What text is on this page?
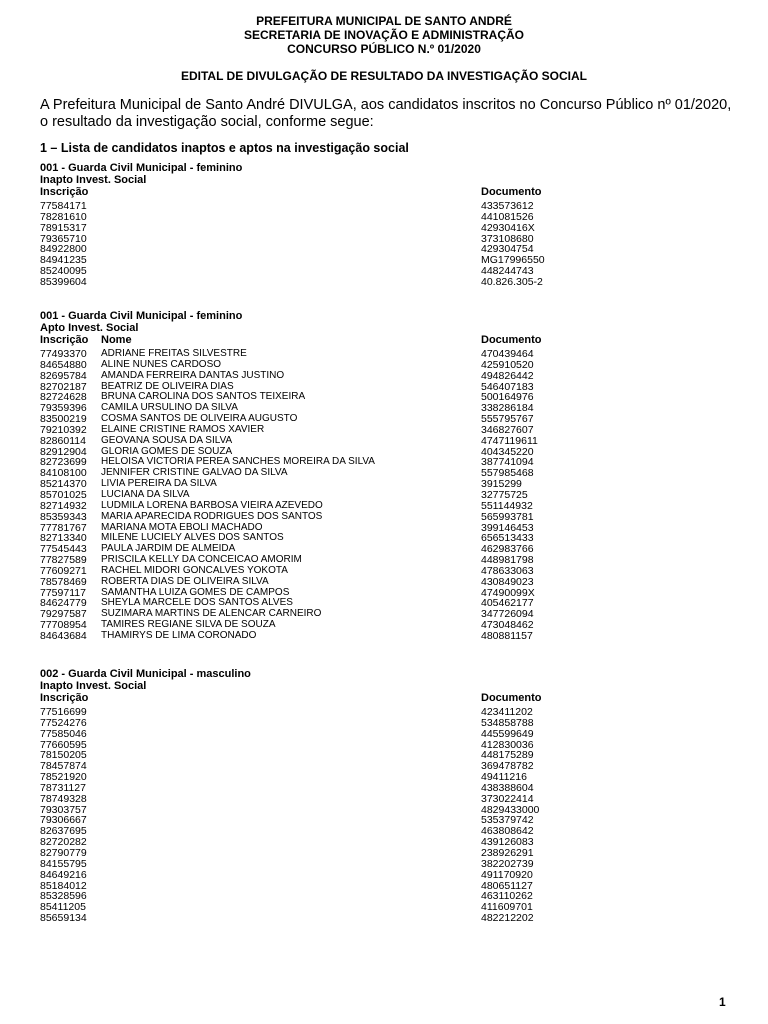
PREFEITURA MUNICIPAL DE SANTO ANDRÉ
SECRETARIA DE INOVAÇÃO E ADMINISTRAÇÃO
CONCURSO PÚBLICO N.º 01/2020
EDITAL DE DIVULGAÇÃO DE RESULTADO DA INVESTIGAÇÃO SOCIAL
A Prefeitura Municipal de Santo André DIVULGA, aos candidatos inscritos no Concurso Público nº 01/2020,
o resultado da investigação social, conforme segue:
1 – Lista de candidatos inaptos e aptos na investigação social
001 - Guarda Civil Municipal - feminino
Inapto Invest. Social
Inscrição	Documento
77584171	433573612
78281610	441081526
78915317	42930416X
79365710	373108680
84922800	429304754
84941235	MG17996550
85240095	448244743
85399604	40.826.305-2
001 - Guarda Civil Municipal - feminino
Apto Invest. Social
Inscrição Nome	Documento
77493370 ADRIANE FREITAS SILVESTRE	470439464
84654880 ALINE NUNES CARDOSO	425910520
82695784 AMANDA FERREIRA DANTAS JUSTINO	494826442
82702187 BEATRIZ DE OLIVEIRA DIAS	546407183
82724628 BRUNA CAROLINA DOS SANTOS TEIXEIRA	500164976
79359396 CAMILA URSULINO DA SILVA	338286184
83500219 COSMA SANTOS DE OLIVEIRA AUGUSTO	555795767
79210392 ELAINE CRISTINE RAMOS XAVIER	346827607
82860114 GEOVANA SOUSA DA SILVA	4747119611
82912904 GLORIA GOMES DE SOUZA	404345220
82723699 HELOISA VICTORIA PEREA SANCHES MOREIRA DA SILVA	387741094
84108100 JENNIFER CRISTINE GALVAO DA SILVA	557985468
85214370 LIVIA PEREIRA DA SILVA	3915299
85701025 LUCIANA DA SILVA	32775725
82714932 LUDMILA LORENA BARBOSA VIEIRA AZEVEDO	551144932
85359343 MARIA APARECIDA RODRIGUES DOS SANTOS	565993781
77781767 MARIANA MOTA EBOLI MACHADO	399146453
82713340 MILENE LUCIELY ALVES DOS SANTOS	656513433
77545443 PAULA JARDIM DE ALMEIDA	462983766
77827589 PRISCILA KELLY DA CONCEICAO AMORIM	448981798
77609271 RACHEL MIDORI GONCALVES YOKOTA	478633063
78578469 ROBERTA DIAS DE OLIVEIRA SILVA	430849023
77597117 SAMANTHA LUIZA GOMES DE CAMPOS	47490099X
84624779 SHEYLA MARCELE DOS SANTOS ALVES	405462177
79297587 SUZIMARA MARTINS DE ALENCAR CARNEIRO	347726094
77708954 TAMIRES REGIANE SILVA DE SOUZA	473048462
84643684 THAMIRYS DE LIMA CORONADO	480881157
002 - Guarda Civil Municipal - masculino
Inapto Invest. Social
Inscrição	Documento
77516699	423411202
77524276	534858788
77585046	445599649
77660595	412830036
78150205	448175289
78457874	369478782
78521920	49411216
78731127	438388604
78749328	373022414
79303757	4829433000
79306667	535379742
82637695	463808642
82720282	439126083
82790779	238926291
84155795	382202739
84649216	491170920
85184012	480651127
85328596	463110262
85411205	411609701
85659134	482212202
1
